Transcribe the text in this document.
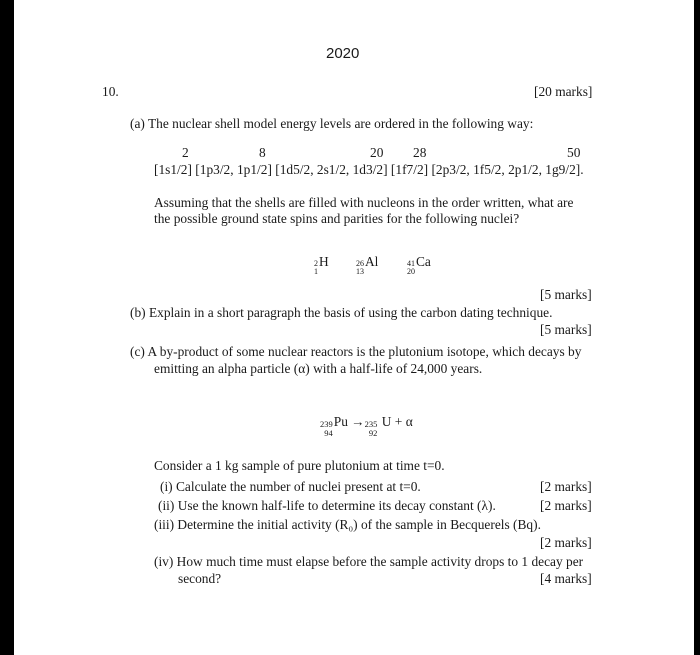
2020
10.	[20 marks]
(a) The nuclear shell model energy levels are ordered in the following way:
2	8	20 28	50
[1s1/2] [1p3/2, 1p1/2] [1d5/2, 2s1/2, 1d3/2] [1f7/2] [2p3/2, 1f5/2, 2p1/2, 1g9/2].
Assuming that the shells are filled with nucleons in the order written, what are
the possible ground state spins and parities for the following nuclei?
2
1
H	26
13
Al	41
20
Ca
[5 marks]
(b) Explain in a short paragraph the basis of using the carbon dating technique.
[5 marks]
(c) A by-product of some nuclear reactors is the plutonium isotope, which decays by
emitting an alpha particle (α) with a half-life of 24,000 years.
239
94
Pu → 235
92
U + α
Consider a 1 kg sample of pure plutonium at time t=0.
(i) Calculate the number of nuclei present at t=0.	[2 marks]
(ii) Use the known half-life to determine its decay constant (λ).	[2 marks]
(iii) Determine the initial activity (R₀) of the sample in Becquerels (Bq).
[2 marks]
(iv) How much time must elapse before the sample activity drops to 1 decay per
second?	[4 marks]
